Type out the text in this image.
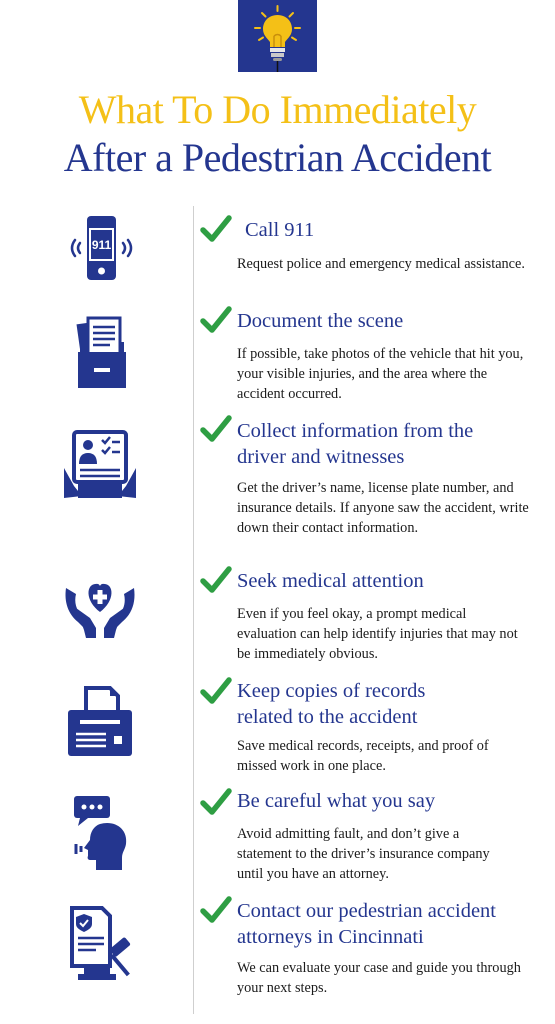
What To Do Immediately
After a Pedestrian Accident
911

Call 911

Request police and emergency medical assistance.

Document the scene

If possible, take photos of the vehicle that hit you, your visible injuries, and the area where the accident occurred.

Collect information from the driver and witnesses

Get the driver’s name, license plate number, and insurance details. If anyone saw the accident, write down their contact information.

Seek medical attention

Even if you feel okay, a prompt medical evaluation can help identify injuries that may not be immediately obvious.

Keep copies of records related to the accident

Save medical records, receipts, and proof of missed work in one place.

Be careful what you say

Avoid admitting fault, and don’t give a statement to the driver’s insurance company until you have an attorney.

Contact our pedestrian accident attorneys in Cincinnati

We can evaluate your case and guide you through your next steps.
